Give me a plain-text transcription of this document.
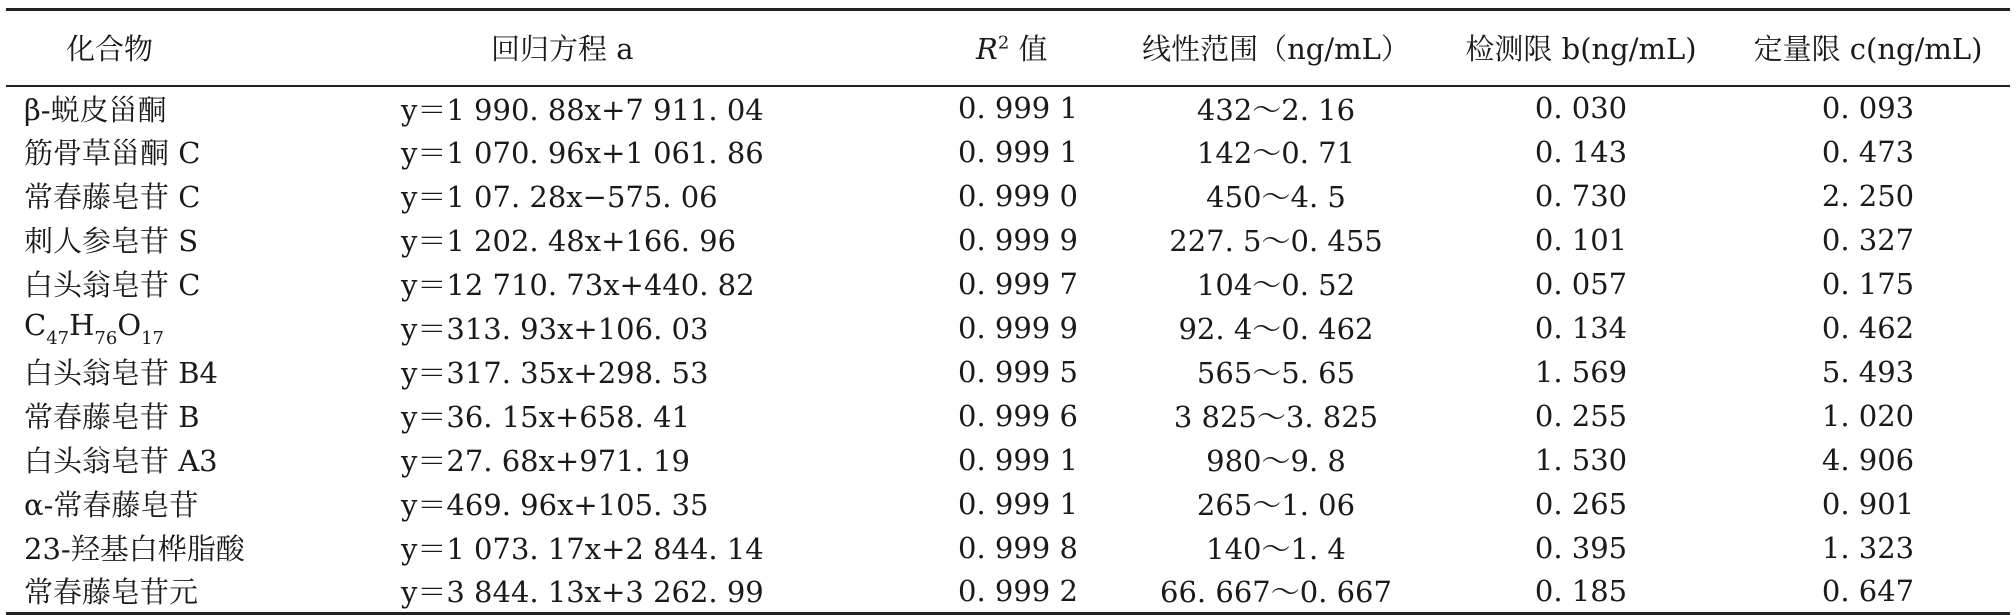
化合物	回归方程 a	$R^2$ 值	线性范围（ng/mL）	检测限 b(ng/mL)	定量限 c(ng/mL)
β-蜕皮甾酮	y＝1 990. 88x+7 911. 04	0. 999 1	432～2. 16	0. 030	0. 093
筋骨草甾酮 C	y＝1 070. 96x+1 061. 86	0. 999 1	142～0. 71	0. 143	0. 473
常春藤皂苷 C	y＝1 07. 28x−575. 06	0. 999 0	450～4. 5	0. 730	2. 250
刺人参皂苷 S	y＝1 202. 48x+166. 96	0. 999 9	227. 5～0. 455	0. 101	0. 327
白头翁皂苷 C	y＝12 710. 73x+440. 82	0. 999 7	104～0. 52	0. 057	0. 175
$C_{47}H_{76}O_{17}$	y＝313. 93x+106. 03	0. 999 9	92. 4～0. 462	0. 134	0. 462
白头翁皂苷 B4	y＝317. 35x+298. 53	0. 999 5	565～5. 65	1. 569	5. 493
常春藤皂苷 B	y＝36. 15x+658. 41	0. 999 6	3 825～3. 825	0. 255	1. 020
白头翁皂苷 A3	y＝27. 68x+971. 19	0. 999 1	980～9. 8	1. 530	4. 906
α-常春藤皂苷	y＝469. 96x+105. 35	0. 999 1	265～1. 06	0. 265	0. 901
23-羟基白桦脂酸	y＝1 073. 17x+2 844. 14	0. 999 8	140～1. 4	0. 395	1. 323
常春藤皂苷元	y＝3 844. 13x+3 262. 99	0. 999 2	66. 667～0. 667	0. 185	0. 647
